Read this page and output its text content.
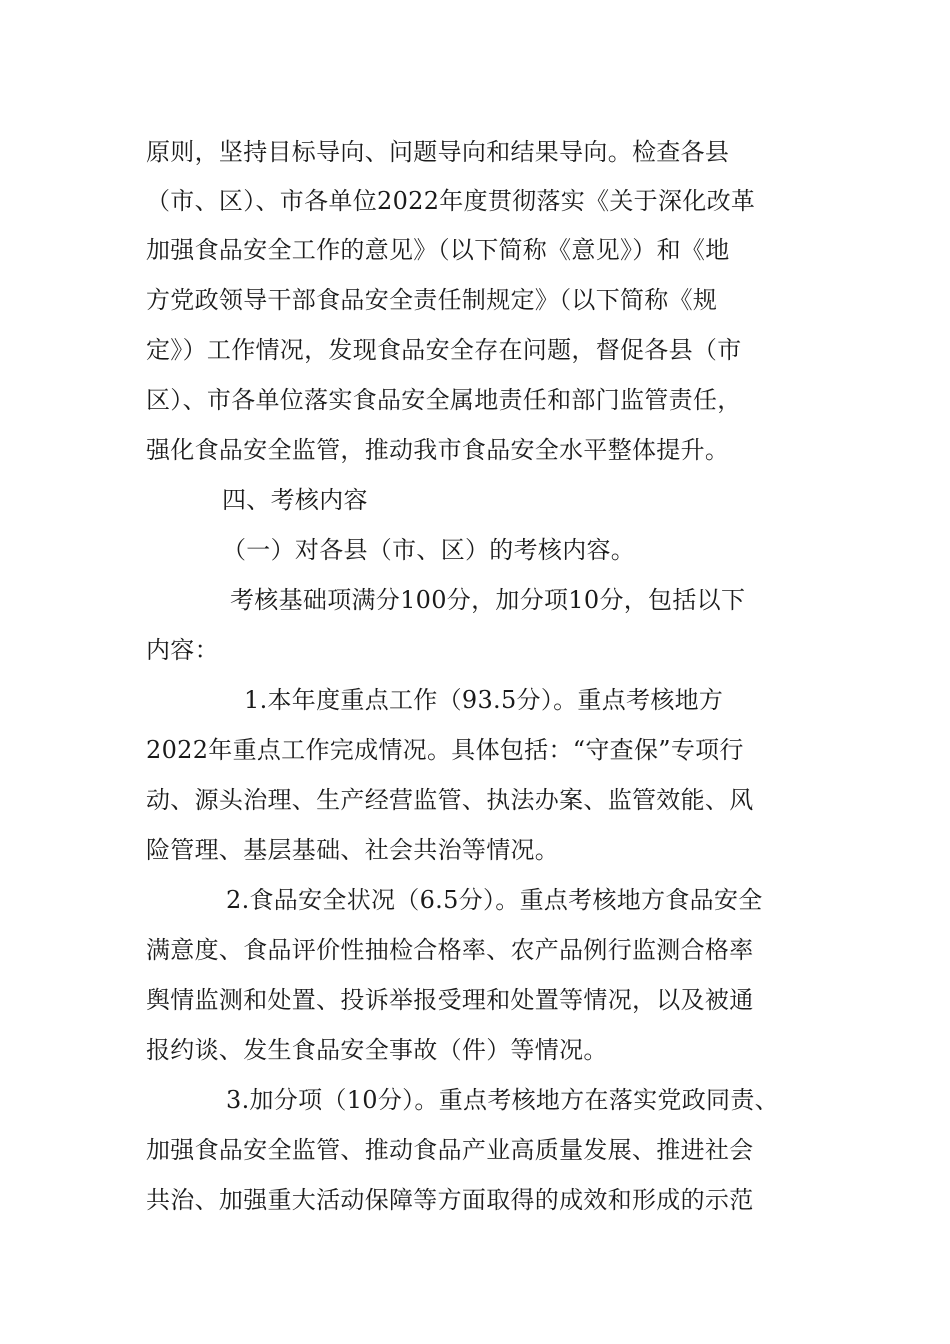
原则，坚持目标导向、问题导向和结果导向。检查各县
（市、区）、市各单位2022年度贯彻落实《关于深化改革
加强食品安全工作的意见》（以下简称《意见》）和《地
方党政领导干部食品安全责任制规定》（以下简称《规
定》）工作情况，发现食品安全存在问题，督促各县（市
区）、市各单位落实食品安全属地责任和部门监管责任，
强化食品安全监管，推动我市食品安全水平整体提升。
四、考核内容
（一）对各县（市、区）的考核内容。
考核基础项满分100分，加分项10分，包括以下
内容：
1.本年度重点工作（93.5分）。重点考核地方
2022年重点工作完成情况。具体包括：“守查保”专项行
动、源头治理、生产经营监管、执法办案、监管效能、风
险管理、基层基础、社会共治等情况。
2.食品安全状况（6.5分）。重点考核地方食品安全
满意度、食品评价性抽检合格率、农产品例行监测合格率
舆情监测和处置、投诉举报受理和处置等情况，以及被通
报约谈、发生食品安全事故（件）等情况。
3.加分项（10分）。重点考核地方在落实党政同责、
加强食品安全监管、推动食品产业高质量发展、推进社会
共治、加强重大活动保障等方面取得的成效和形成的示范
